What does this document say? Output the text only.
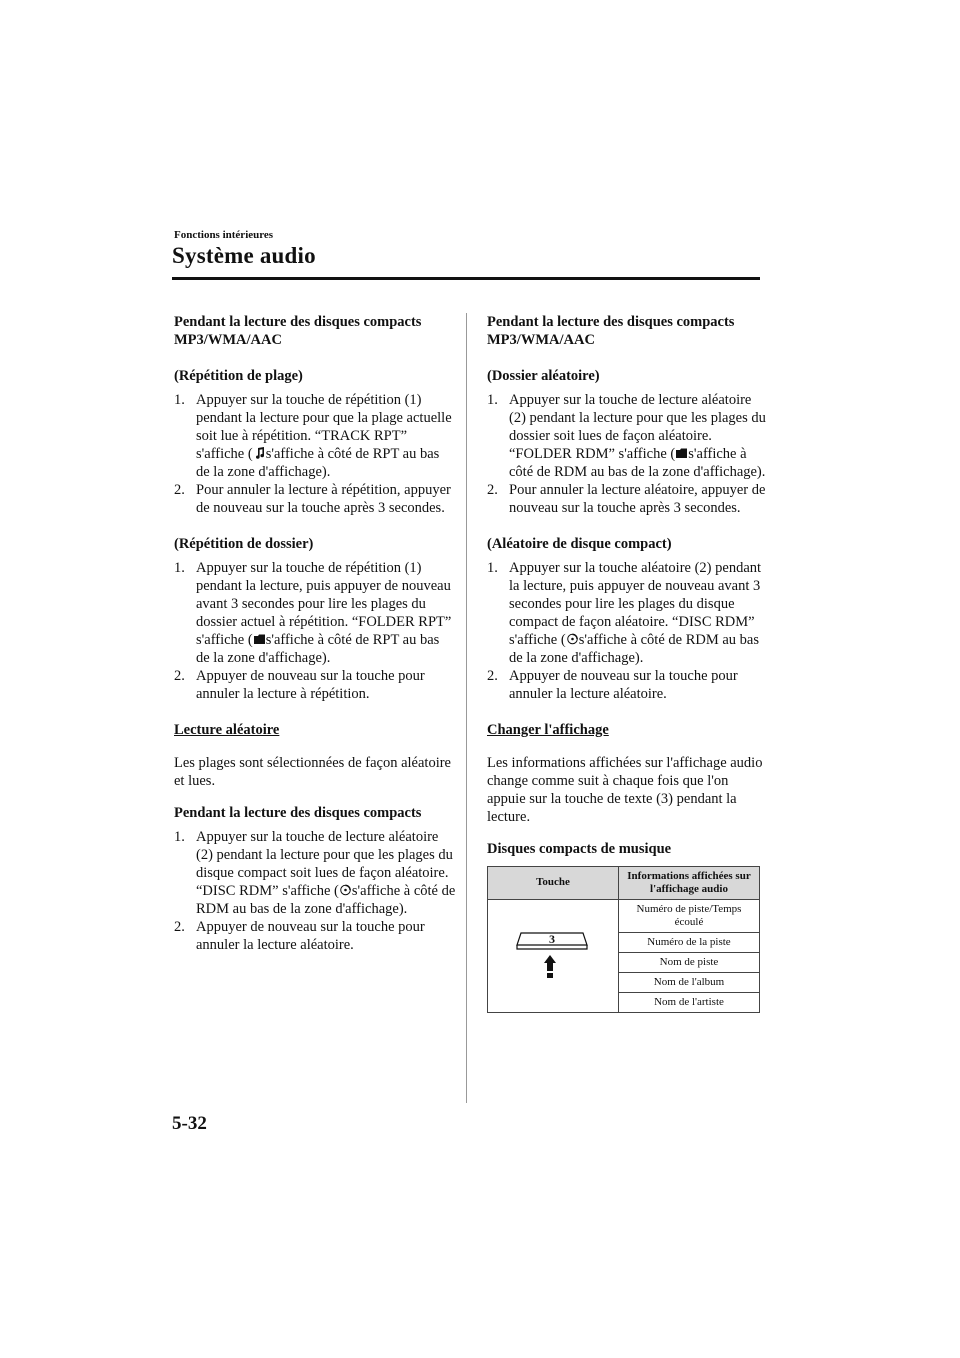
Fonctions intérieures
Système audio

Pendant la lecture des disques compacts MP3/WMA/AAC

(Répétition de plage)

1. Appuyer sur la touche de répétition (1) pendant la lecture pour que la plage actuelle soit lue à répétition. “TRACK RPT” s'affiche ( s'affiche à côté de RPT au bas de la zone d'affichage).
2. Pour annuler la lecture à répétition, appuyer de nouveau sur la touche après 3 secondes.

(Répétition de dossier)

1. Appuyer sur la touche de répétition (1) pendant la lecture, puis appuyer de nouveau avant 3 secondes pour lire les plages du dossier actuel à répétition. “FOLDER RPT” s'affiche ( s'affiche à côté de RPT au bas de la zone d'affichage).
2. Appuyer de nouveau sur la touche pour annuler la lecture à répétition.

Lecture aléatoire

Les plages sont sélectionnées de façon aléatoire et lues.

Pendant la lecture des disques compacts

1. Appuyer sur la touche de lecture aléatoire (2) pendant la lecture pour que les plages du disque compact soit lues de façon aléatoire. “DISC RDM” s'affiche ( s'affiche à côté de RDM au bas de la zone d'affichage).
2. Appuyer de nouveau sur la touche pour annuler la lecture aléatoire.

Pendant la lecture des disques compacts MP3/WMA/AAC

(Dossier aléatoire)

1. Appuyer sur la touche de lecture aléatoire (2) pendant la lecture pour que les plages du dossier soit lues de façon aléatoire. “FOLDER RDM” s'affiche ( s'affiche à côté de RDM au bas de la zone d'affichage).
2. Pour annuler la lecture aléatoire, appuyer de nouveau sur la touche après 3 secondes.

(Aléatoire de disque compact)

1. Appuyer sur la touche aléatoire (2) pendant la lecture, puis appuyer de nouveau avant 3 secondes pour lire les plages du disque compact de façon aléatoire. “DISC RDM” s'affiche ( s'affiche à côté de RDM au bas de la zone d'affichage).
2. Appuyer de nouveau sur la touche pour annuler la lecture aléatoire.

Changer l'affichage

Les informations affichées sur l'affichage audio change comme suit à chaque fois que l'on appuie sur la touche de texte (3) pendant la lecture.

Disques compacts de musique

Touche	Informations affichées sur l'affichage audio

3	Numéro de piste/Temps écoulé
	Numéro de la piste
	Nom de piste
	Nom de l'album
	Nom de l'artiste
5-32
